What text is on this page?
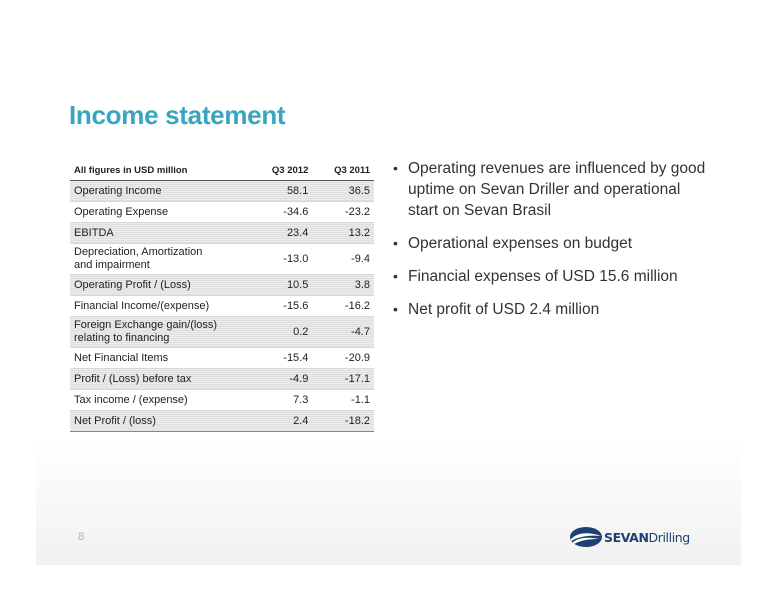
Income statement
All figures in USD million	Q3 2012	Q3 2011
Operating Income	58.1	36.5
Operating Expense	-34.6	-23.2
EBITDA	23.4	13.2
Depreciation, Amortization
and impairment	-13.0	-9.4
Operating Profit / (Loss)	10.5	3.8
Financial Income/(expense)	-15.6	-16.2
Foreign Exchange gain/(loss)
relating to financing	0.2	-4.7
Net Financial Items	-15.4	-20.9
Profit / (Loss) before tax	-4.9	-17.1
Tax income / (expense)	7.3	-1.1
Net Profit / (loss)	2.4	-18.2
• Operating revenues are influenced by good uptime on Sevan Driller and operational start on Sevan Brasil
• Operational expenses on budget
• Financial expenses of USD 15.6 million
• Net profit of USD 2.4 million
8	SEVANDrilling
